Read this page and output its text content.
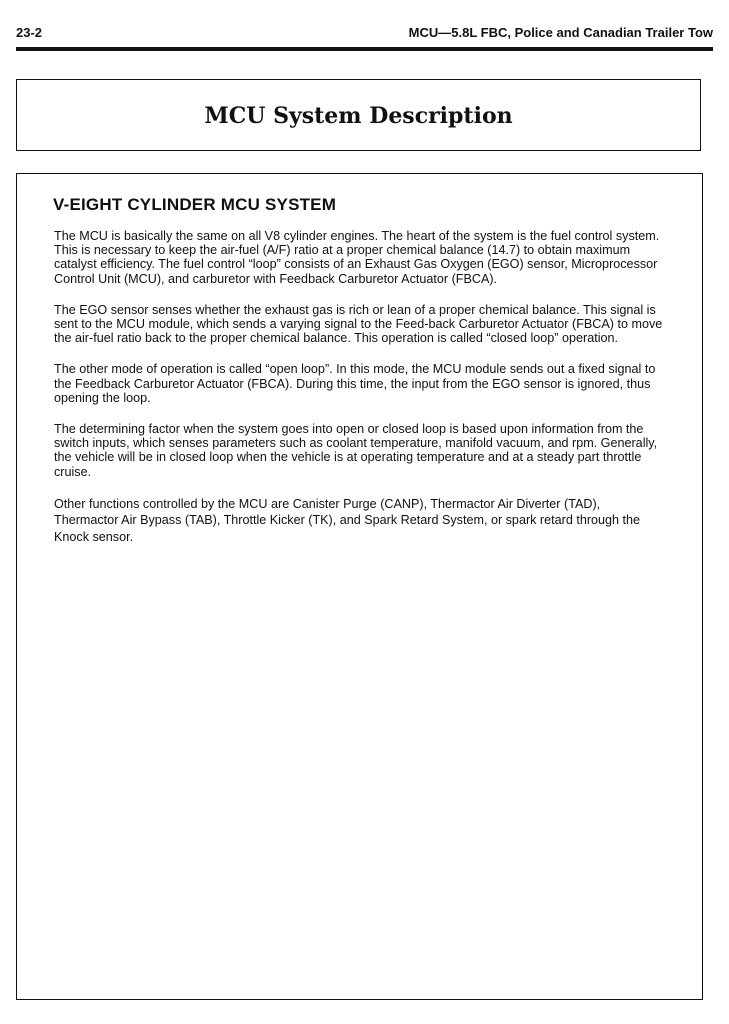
23-2	MCU—5.8L FBC, Police and Canadian Trailer Tow
MCU System Description
V-EIGHT CYLINDER MCU SYSTEM

The MCU is basically the same on all V8 cylinder engines. The heart of the system is the fuel control system. This is necessary to keep the air-fuel (A/F) ratio at a proper chemical balance (14.7) to obtain maximum catalyst efficiency. The fuel control “loop” consists of an Exhaust Gas Oxygen (EGO) sensor, Microprocessor Control Unit (MCU), and carburetor with Feedback Carburetor Actuator (FBCA).

The EGO sensor senses whether the exhaust gas is rich or lean of a proper chemical balance. This signal is sent to the MCU module, which sends a varying signal to the Feed-back Carburetor Actuator (FBCA) to move the air-fuel ratio back to the proper chemical balance. This operation is called “closed loop” operation.

The other mode of operation is called “open loop”. In this mode, the MCU module sends out a fixed signal to the Feedback Carburetor Actuator (FBCA). During this time, the input from the EGO sensor is ignored, thus opening the loop.

The determining factor when the system goes into open or closed loop is based upon information from the switch inputs, which senses parameters such as coolant temperature, manifold vacuum, and rpm. Generally, the vehicle will be in closed loop when the vehicle is at operating temperature and at a steady part throttle cruise.

Other functions controlled by the MCU are Canister Purge (CANP), Thermactor Air Diverter (TAD), Thermactor Air Bypass (TAB), Throttle Kicker (TK), and Spark Retard System, or spark retard through the Knock sensor.
